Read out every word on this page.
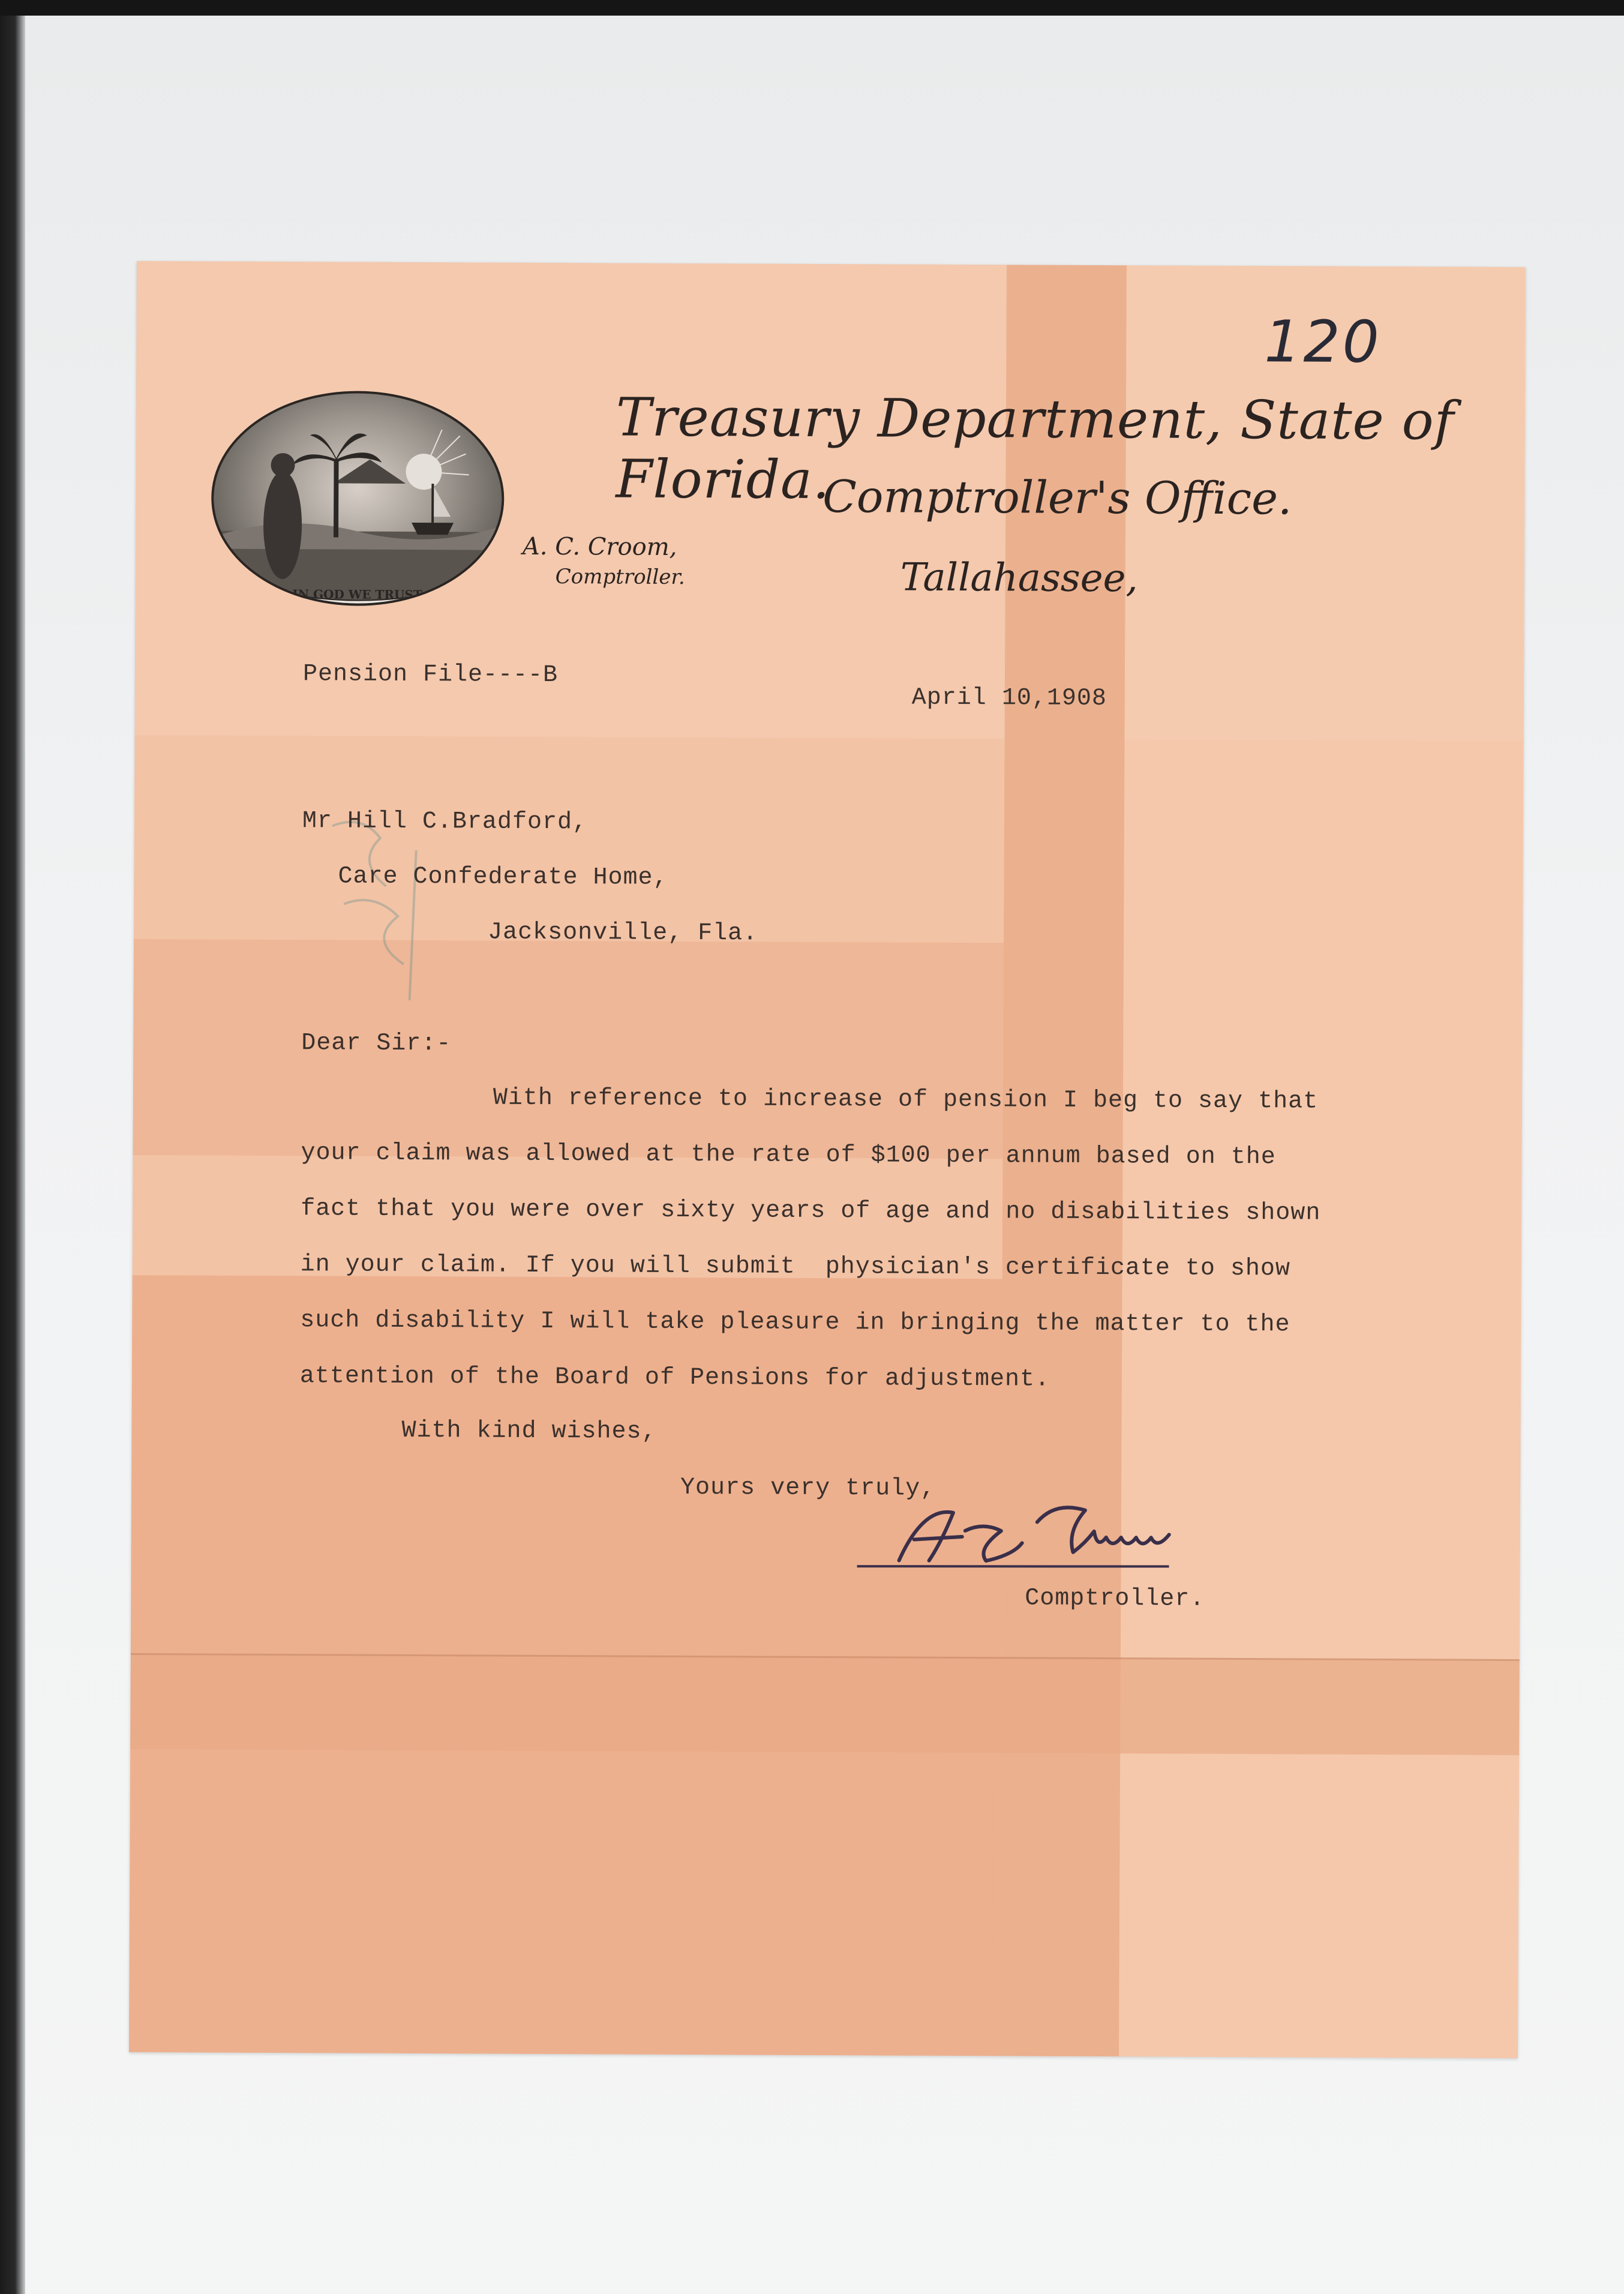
120
IN GOD WE TRUST
Treasury Department, State of Florida.
Comptroller's Office.
Tallahassee,
A. C. Croom,
Comptroller.
Pension File----B
April 10,1908
Mr Hill C.Bradford,
Care Confederate Home,
Jacksonville, Fla.
Dear Sir:-
With reference to increase of pension I beg to say that
your claim was allowed at the rate of $100 per annum based on the
fact that you were over sixty years of age and no disabilities shown
in your claim. If you will submit  physician's certificate to show
such disability I will take pleasure in bringing the matter to the
attention of the Board of Pensions for adjustment.
With kind wishes,
Yours very truly,
Comptroller.
